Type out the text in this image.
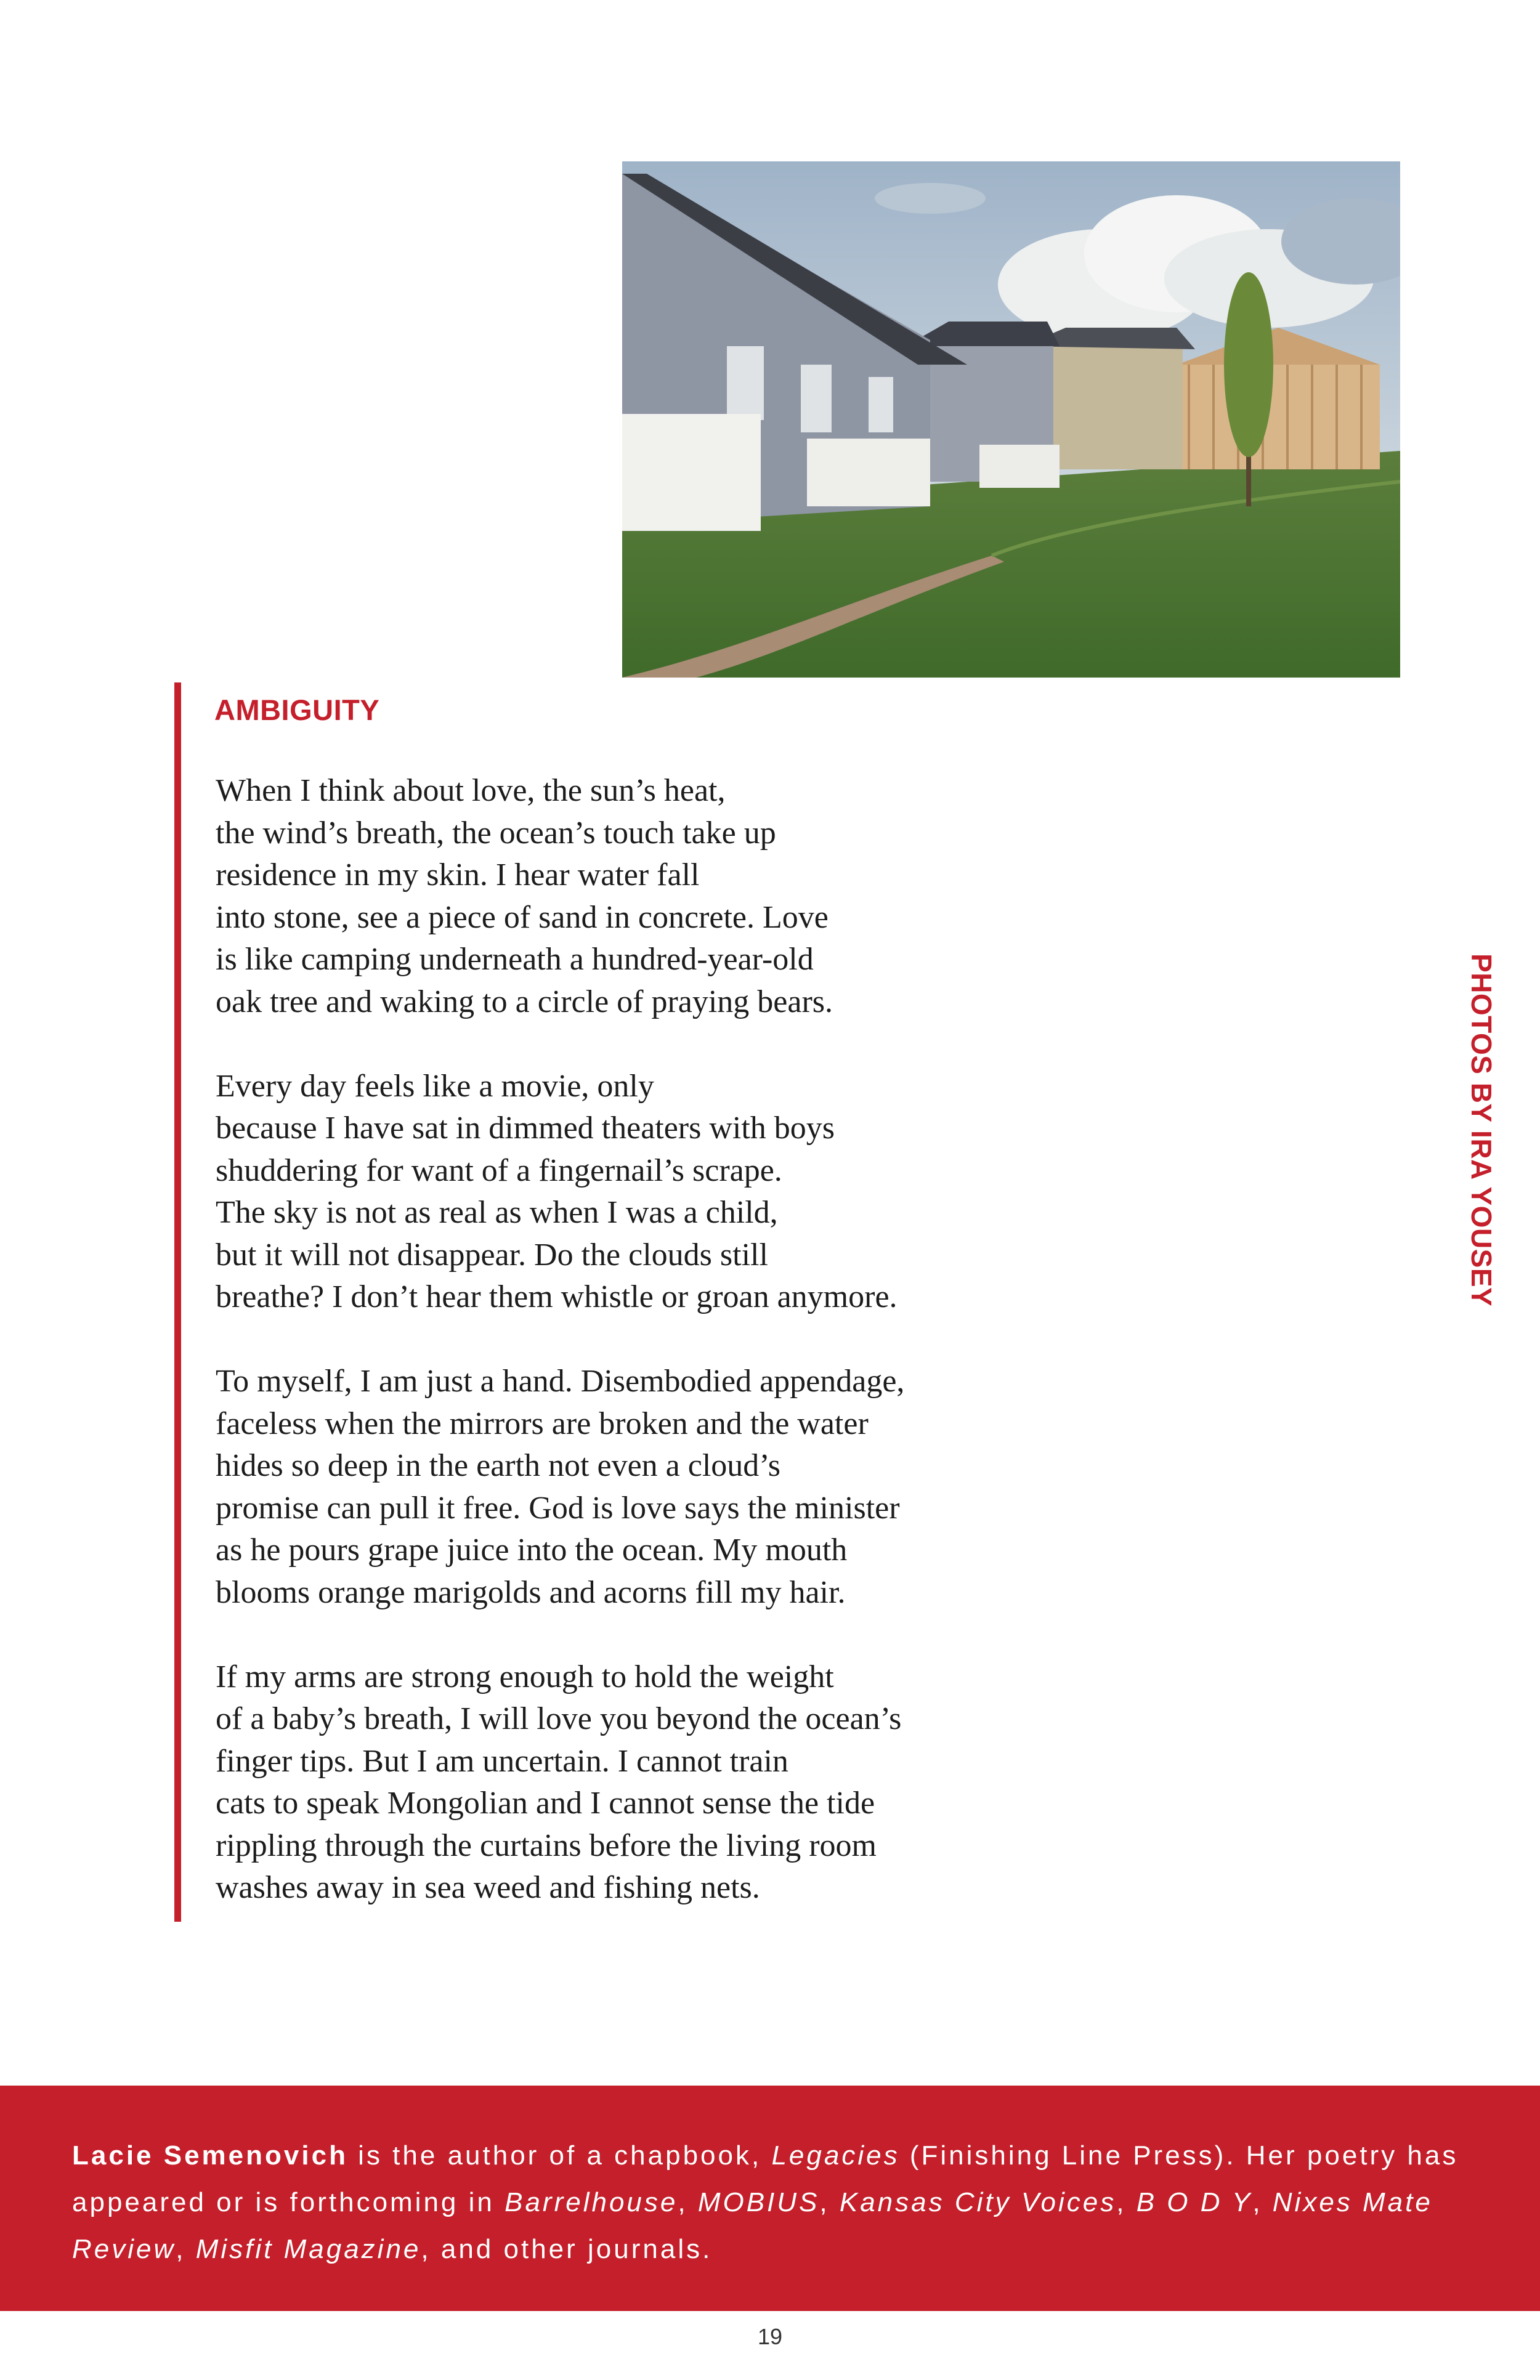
AMBIGUITY

When I think about love, the sun’s heat,
the wind’s breath, the ocean’s touch take up
residence in my skin. I hear water fall
into stone, see a piece of sand in concrete. Love
is like camping underneath a hundred-year-old
oak tree and waking to a circle of praying bears.

Every day feels like a movie, only
because I have sat in dimmed theaters with boys
shuddering for want of a fingernail’s scrape.
The sky is not as real as when I was a child,
but it will not disappear. Do the clouds still
breathe? I don’t hear them whistle or groan anymore.

To myself, I am just a hand. Disembodied appendage,
faceless when the mirrors are broken and the water
hides so deep in the earth not even a cloud’s
promise can pull it free. God is love says the minister
as he pours grape juice into the ocean. My mouth
blooms orange marigolds and acorns fill my hair.

If my arms are strong enough to hold the weight
of a baby’s breath, I will love you beyond the ocean’s
finger tips. But I am uncertain. I cannot train
cats to speak Mongolian and I cannot sense the tide
rippling through the curtains before the living room
washes away in sea weed and fishing nets.

PHOTOS BY IRA YOUSEY

Lacie Semenovich is the author of a chapbook, Legacies (Finishing Line Press). Her poetry has appeared or is forthcoming in Barrelhouse, MOBIUS, Kansas City Voices, B O D Y, Nixes Mate Review, Misfit Magazine, and other journals.

19
